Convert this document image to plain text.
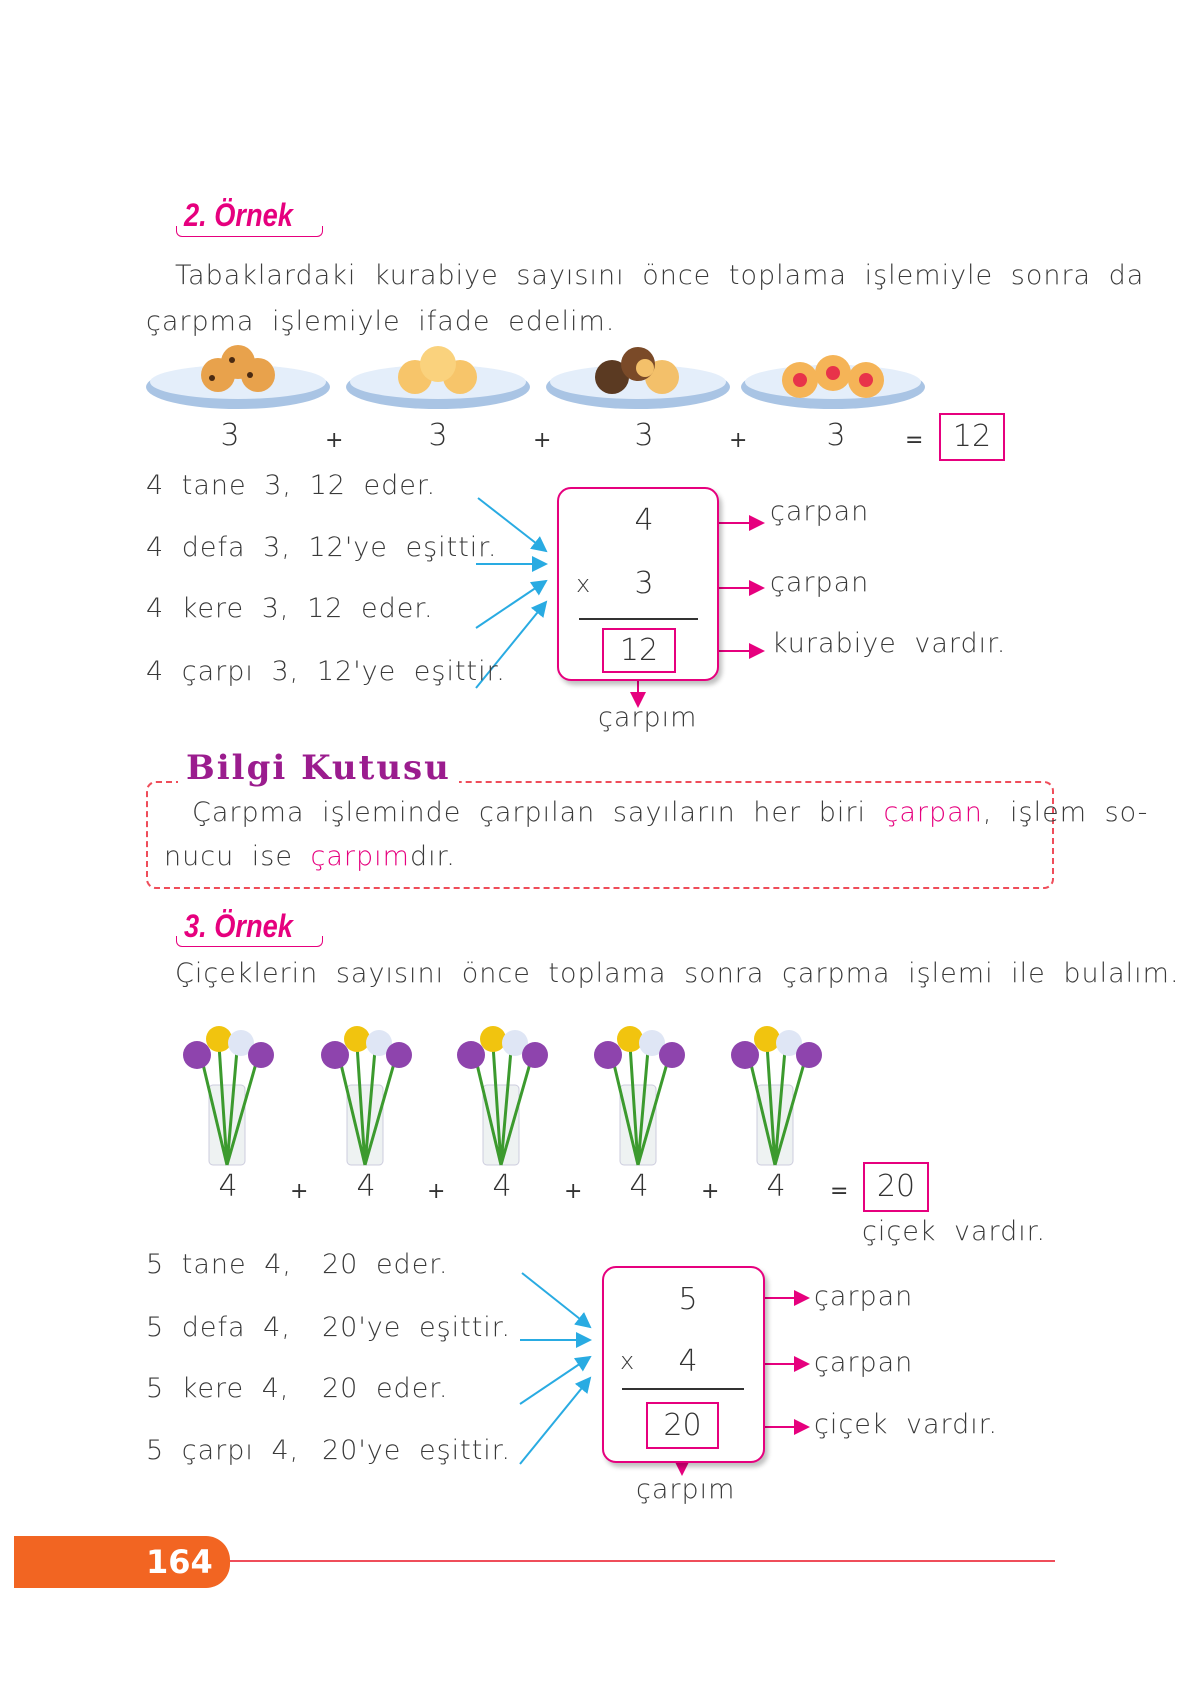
2. Örnek
Tabaklardaki kurabiye sayısını önce toplama işlemiyle sonra da
çarpma işlemiyle ifade edelim.
3	+	3	+	3	+	3	= 12
4 tane 3, 12 eder.
4 defa 3, 12'ye eşittir.
4 kere 3, 12 eder.
4 çarpı 3, 12'ye eşittir.
4
x	3
12
çarpan
çarpan
kurabiye vardır.
çarpım
Bilgi Kutusu
Çarpma işleminde çarpılan sayıların her biri çarpan, işlem so-
nucu ise çarpımdır.
3. Örnek
Çiçeklerin sayısını önce toplama sonra çarpma işlemi ile bulalım.
4	+	4	+	4	+	4	+	4	= 20
çiçek vardır.
5 tane 4, 20 eder.
5 defa 4, 20'ye eşittir.
5 kere 4, 20 eder.
5 çarpı 4, 20'ye eşittir.
5
x	4
20
çarpan
çarpan
çiçek vardır.
çarpım
164
